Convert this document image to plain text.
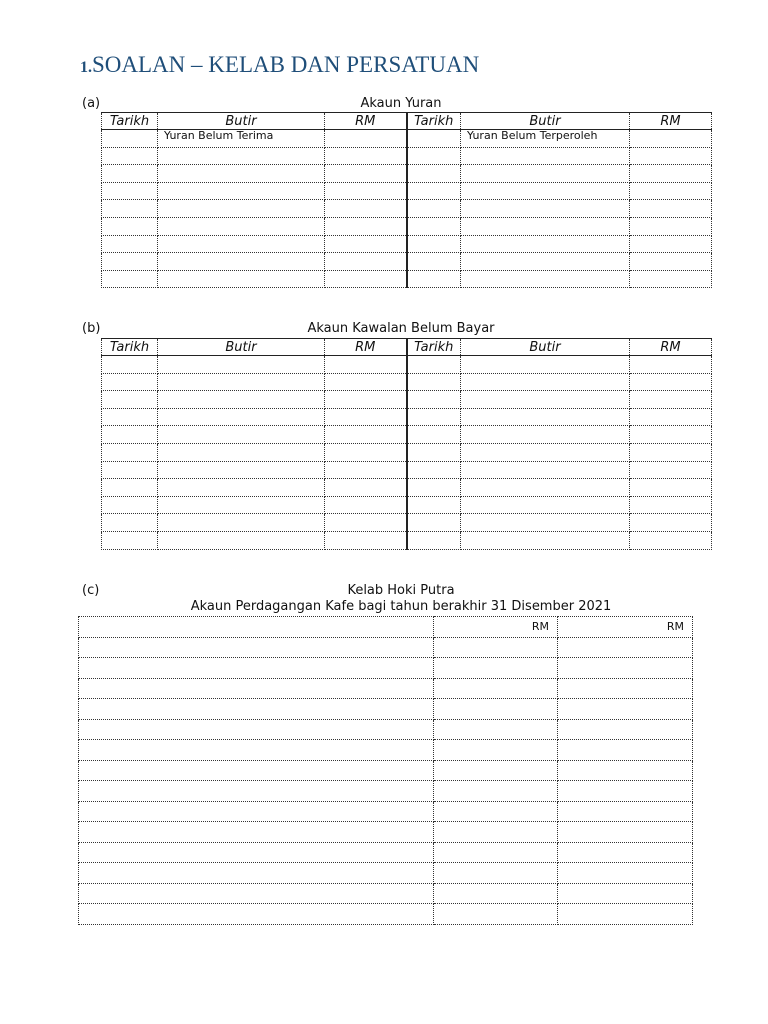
1.SOALAN – KELAB DAN PERSATUAN
(a)	Akaun Yuran
Tarikh	Butir	RM	Tarikh	Butir	RM
	Yuran Belum Terima			Yuran Belum Terperoleh	

(b)	Akaun Kawalan Belum Bayar
Tarikh	Butir	RM	Tarikh	Butir	RM

(c)	Kelab Hoki Putra
Akaun Perdagangan Kafe bagi tahun berakhir 31 Disember 2021
	RM	RM
